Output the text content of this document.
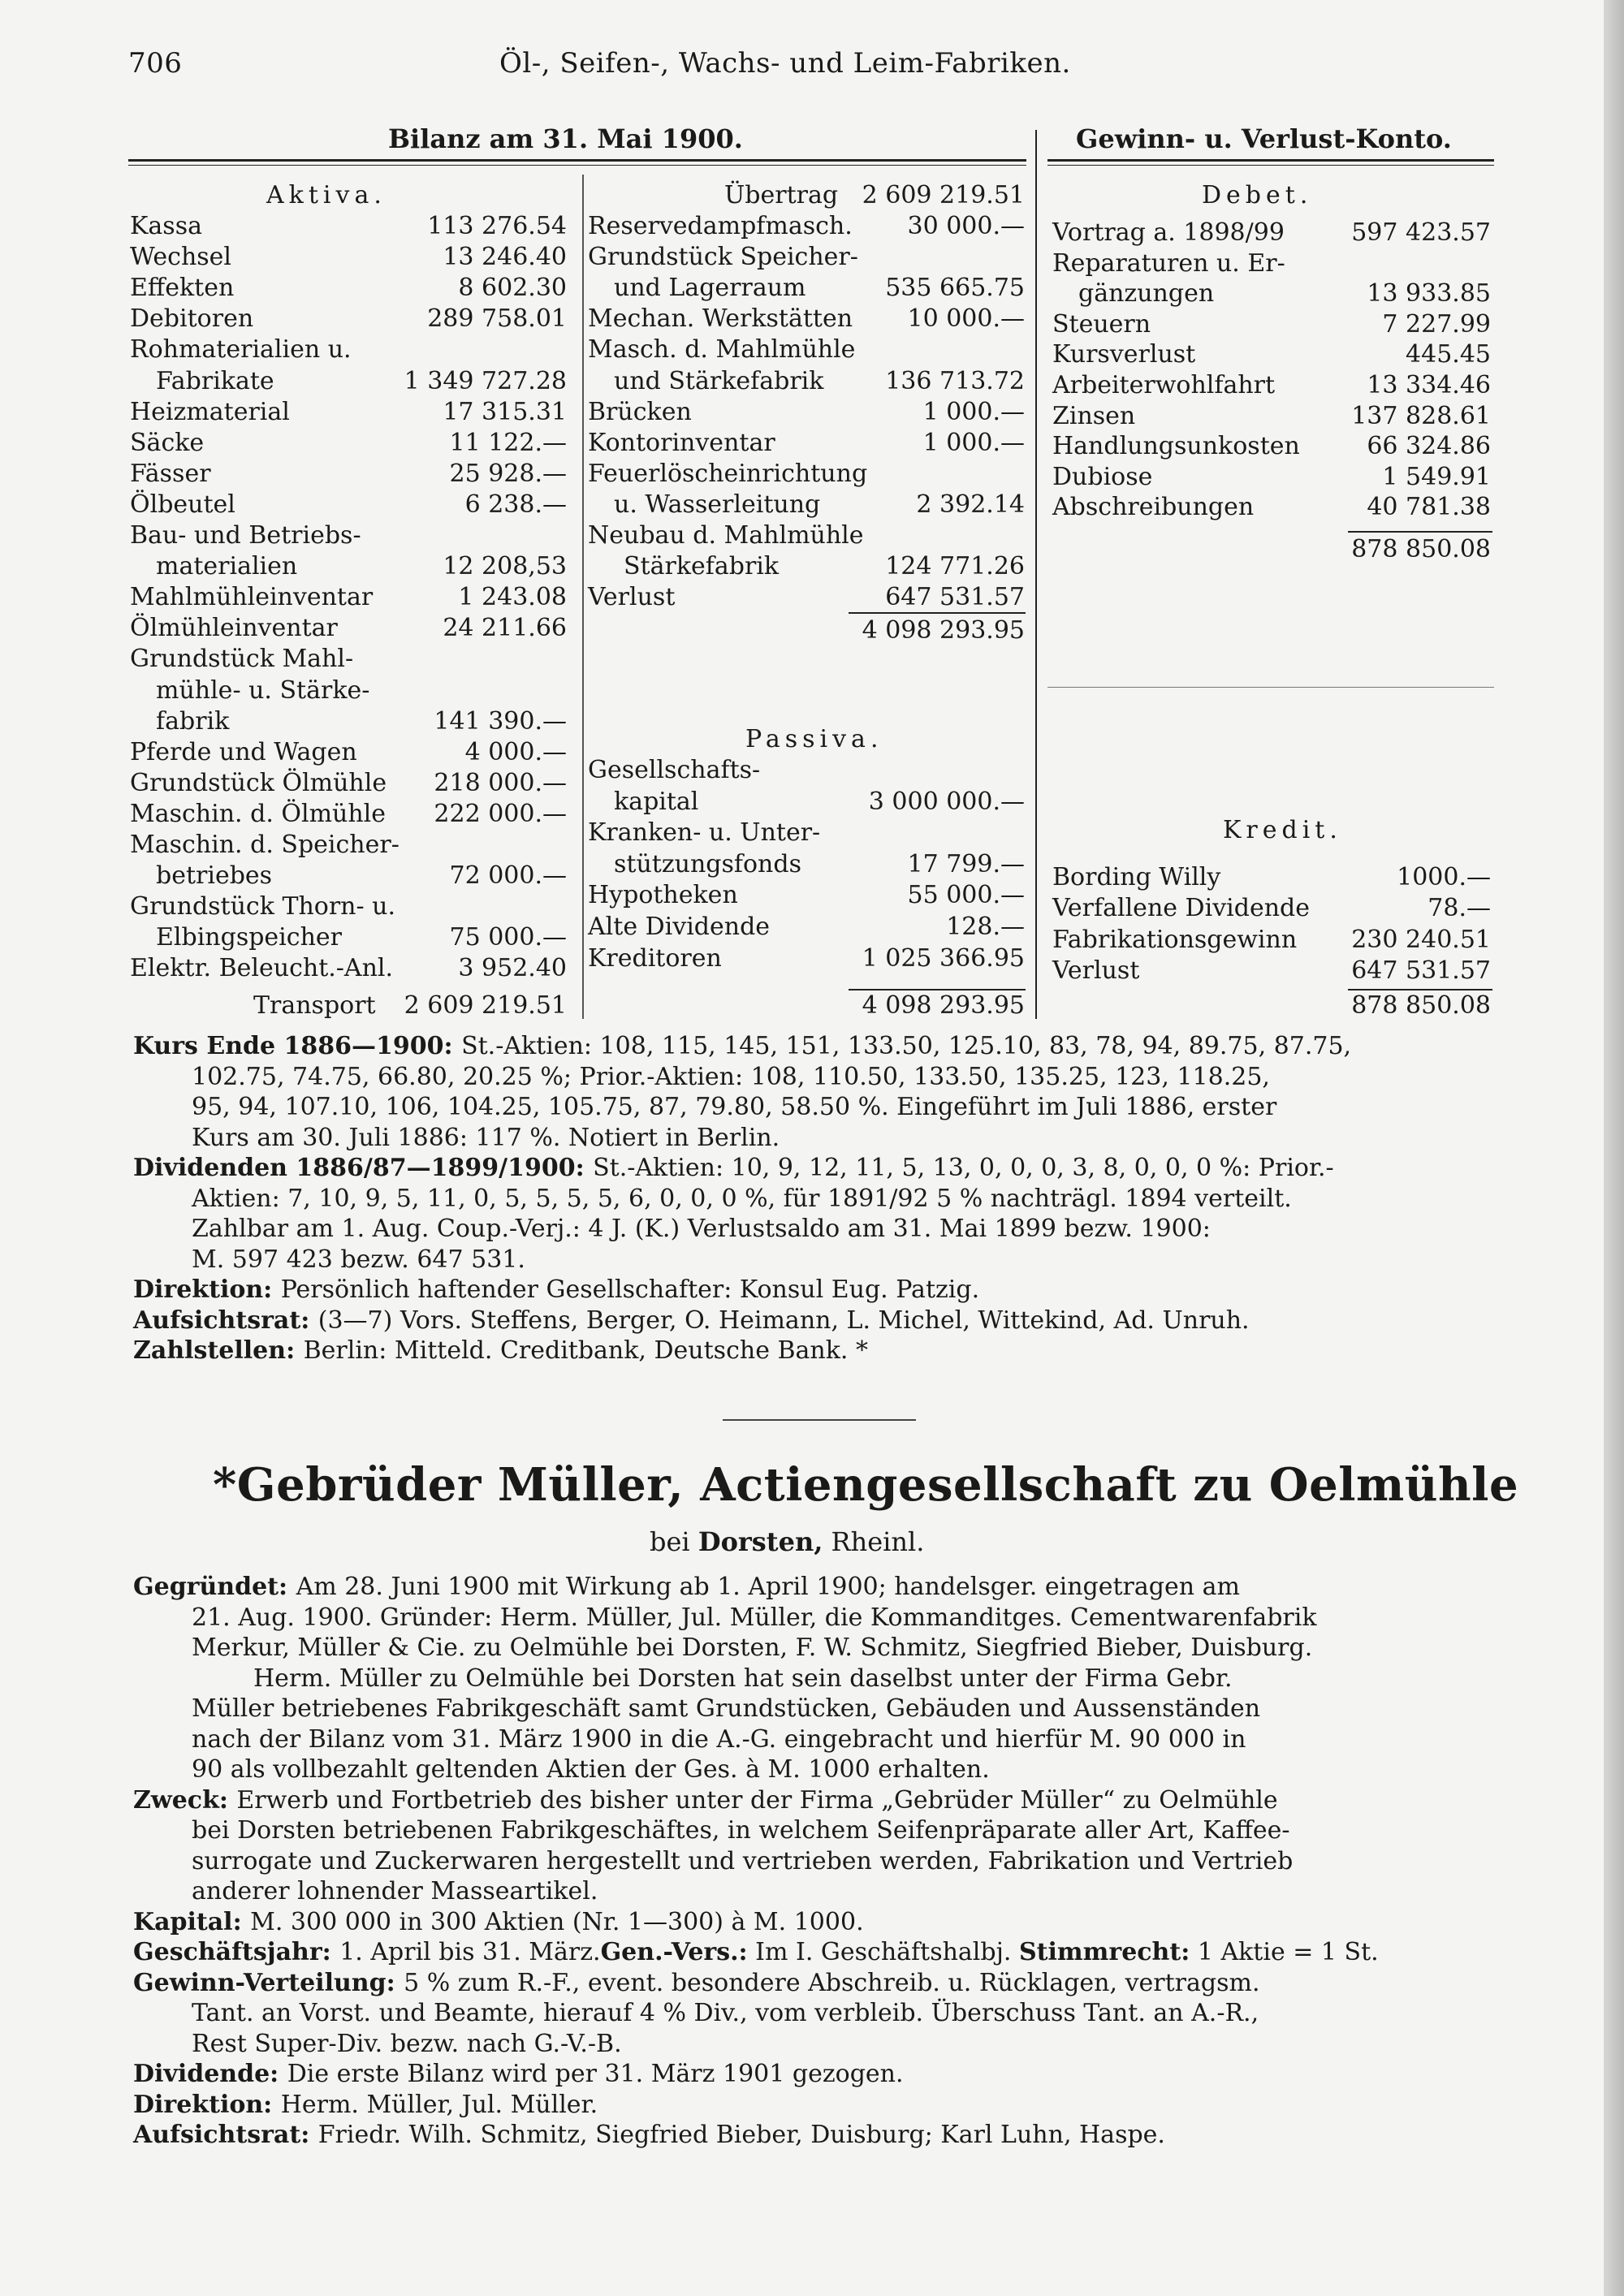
706	Öl-, Seifen-, Wachs- und Leim-Fabriken.
Bilanz am 31. Mai 1900.	Gewinn- u. Verlust-Konto.
Aktiva.
Kassa	113 276.54
Wechsel	13 246.40
Effekten	8 602.30
Debitoren	289 758.01
Rohmaterialien u.
Fabrikate	1 349 727.28
Heizmaterial	17 315.31
Säcke	11 122.—
Fässer	25 928.—
Ölbeutel	6 238.—
Bau- und Betriebs-
materialien	12 208,53
Mahlmühleinventar	1 243.08
Ölmühleinventar	24 211.66
Grundstück Mahl-
mühle- u. Stärke-
fabrik	141 390.—
Pferde und Wagen	4 000.—
Grundstück Ölmühle 218 000.—
Maschin. d. Ölmühle 222 000.—
Maschin. d. Speicher-
betriebes	72 000.—
Grundstück Thorn- u.
Elbingspeicher	75 000.—
Elektr. Beleucht.-Anl.	3 952.40
Transport	2 609 219.51
Übertrag 2 609 219.51
Reservedampfmasch. 30 000.—
Grundstück Speicher-
und Lagerraum	535 665.75
Mechan. Werkstätten 10 000.—
Masch. d. Mahlmühle
und Stärkefabrik	136 713.72
Brücken	1 000.—
Kontorinventar	1 000.—
Feuerlöscheinrichtung
u. Wasserleitung	2 392.14
Neubau d. Mahlmühle
Stärkefabrik	124 771.26
Verlust	647 531.57
4 098 293.95
Passiva.
Gesellschafts-
kapital	3 000 000.—
Kranken- u. Unter-
stützungsfonds	17 799.—
Hypotheken	55 000.—
Alte Dividende	128.—
Kreditoren	1 025 366.95
4 098 293.95
Debet.
Vortrag a. 1898/99	597 423.57
Reparaturen u. Er-
gänzungen	13 933.85
Steuern	7 227.99
Kursverlust	445.45
Arbeiterwohlfahrt	13 334.46
Zinsen	137 828.61
Handlungsunkosten	66 324.86
Dubiose	1 549.91
Abschreibungen	40 781.38
878 850.08
Kredit.
Bording Willy	1000.—
Verfallene Dividende	78.—
Fabrikationsgewinn 230 240.51
Verlust	647 531.57
878 850.08
Kurs Ende 1886—1900: St.-Aktien: 108, 115, 145, 151, 133.50, 125.10, 83, 78, 94, 89.75, 87.75,
102.75, 74.75, 66.80, 20.25 %; Prior.-Aktien: 108, 110.50, 133.50, 135.25, 123, 118.25,
95, 94, 107.10, 106, 104.25, 105.75, 87, 79.80, 58.50 %. Eingeführt im Juli 1886, erster
Kurs am 30. Juli 1886: 117 %. Notiert in Berlin.
Dividenden 1886/87—1899/1900: St.-Aktien: 10, 9, 12, 11, 5, 13, 0, 0, 0, 3, 8, 0, 0, 0 %: Prior.-
Aktien: 7, 10, 9, 5, 11, 0, 5, 5, 5, 5, 6, 0, 0, 0 %, für 1891/92 5 % nachträgl. 1894 verteilt.
Zahlbar am 1. Aug. Coup.-Verj.: 4 J. (K.) Verlustsaldo am 31. Mai 1899 bezw. 1900:
M. 597 423 bezw. 647 531.
Direktion: Persönlich haftender Gesellschafter: Konsul Eug. Patzig.
Aufsichtsrat: (3—7) Vors. Steffens, Berger, O. Heimann, L. Michel, Wittekind, Ad. Unruh.
Zahlstellen: Berlin: Mitteld. Creditbank, Deutsche Bank. *
*Gebrüder Müller, Actiengesellschaft zu Oelmühle
bei Dorsten, Rheinl.
Gegründet: Am 28. Juni 1900 mit Wirkung ab 1. April 1900; handelsger. eingetragen am
21. Aug. 1900. Gründer: Herm. Müller, Jul. Müller, die Kommanditges. Cementwarenfabrik
Merkur, Müller & Cie. zu Oelmühle bei Dorsten, F. W. Schmitz, Siegfried Bieber, Duisburg.
Herm. Müller zu Oelmühle bei Dorsten hat sein daselbst unter der Firma Gebr.
Müller betriebenes Fabrikgeschäft samt Grundstücken, Gebäuden und Aussenständen
nach der Bilanz vom 31. März 1900 in die A.-G. eingebracht und hierfür M. 90 000 in
90 als vollbezahlt geltenden Aktien der Ges. à M. 1000 erhalten.
Zweck: Erwerb und Fortbetrieb des bisher unter der Firma „Gebrüder Müller“ zu Oelmühle
bei Dorsten betriebenen Fabrikgeschäftes, in welchem Seifenpräparate aller Art, Kaffee-
surrogate und Zuckerwaren hergestellt und vertrieben werden, Fabrikation und Vertrieb
anderer lohnender Masseartikel.
Kapital: M. 300 000 in 300 Aktien (Nr. 1—300) à M. 1000.
Geschäftsjahr: 1. April bis 31. März.Gen.-Vers.: Im I. Geschäftshalbj. Stimmrecht: 1 Aktie = 1 St.
Gewinn-Verteilung: 5 % zum R.-F., event. besondere Abschreib. u. Rücklagen, vertragsm.
Tant. an Vorst. und Beamte, hierauf 4 % Div., vom verbleib. Überschuss Tant. an A.-R.,
Rest Super-Div. bezw. nach G.-V.-B.
Dividende: Die erste Bilanz wird per 31. März 1901 gezogen.
Direktion: Herm. Müller, Jul. Müller.
Aufsichtsrat: Friedr. Wilh. Schmitz, Siegfried Bieber, Duisburg; Karl Luhn, Haspe.
